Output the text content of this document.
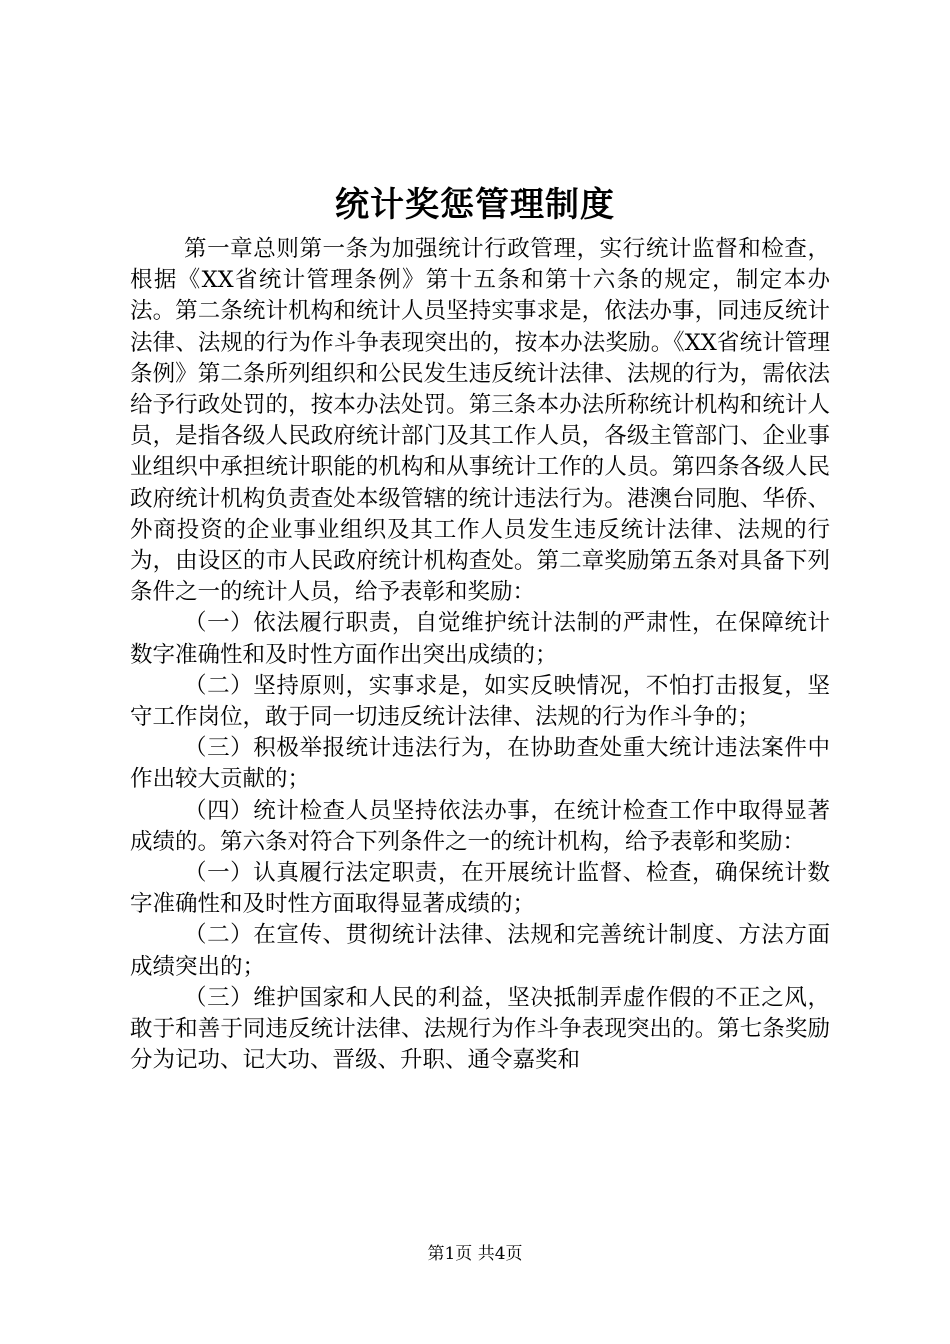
统计奖惩管理制度

第一章总则第一条为加强统计行政管理，实行统计监督和检查，根据《XX省统计管理条例》第十五条和第十六条的规定，制定本办法。第二条统计机构和统计人员坚持实事求是，依法办事，同违反统计法律、法规的行为作斗争表现突出的，按本办法奖励。《XX省统计管理条例》第二条所列组织和公民发生违反统计法律、法规的行为，需依法给予行政处罚的，按本办法处罚。第三条本办法所称统计机构和统计人员，是指各级人民政府统计部门及其工作人员，各级主管部门、企业事业组织中承担统计职能的机构和从事统计工作的人员。第四条各级人民政府统计机构负责查处本级管辖的统计违法行为。港澳台同胞、华侨、外商投资的企业事业组织及其工作人员发生违反统计法律、法规的行为，由设区的市人民政府统计机构查处。第二章奖励第五条对具备下列条件之一的统计人员，给予表彰和奖励：

（一）依法履行职责，自觉维护统计法制的严肃性，在保障统计数字准确性和及时性方面作出突出成绩的；

（二）坚持原则，实事求是，如实反映情况，不怕打击报复，坚守工作岗位，敢于同一切违反统计法律、法规的行为作斗争的；

（三）积极举报统计违法行为，在协助查处重大统计违法案件中作出较大贡献的；

（四）统计检查人员坚持依法办事，在统计检查工作中取得显著成绩的。第六条对符合下列条件之一的统计机构，给予表彰和奖励：

（一）认真履行法定职责，在开展统计监督、检查，确保统计数字准确性和及时性方面取得显著成绩的；

（二）在宣传、贯彻统计法律、法规和完善统计制度、方法方面成绩突出的；

（三）维护国家和人民的利益，坚决抵制弄虚作假的不正之风，敢于和善于同违反统计法律、法规行为作斗争表现突出的。第七条奖励分为记功、记大功、晋级、升职、通令嘉奖和

第1页 共4页
